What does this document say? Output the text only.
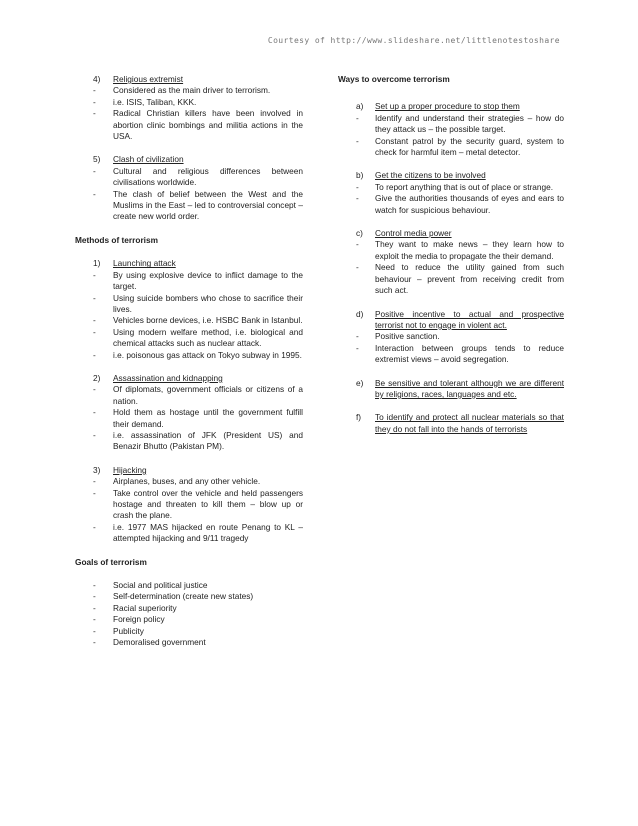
Courtesy of http://www.slideshare.net/littlenotestoshare
4)	Religious extremist
-	Considered as the main driver to terrorism.
-	i.e. ISIS, Taliban, KKK.
-	Radical Christian killers have been involved in abortion clinic bombings and militia actions in the USA.
5)	Clash of civilization
-	Cultural and religious differences between civilisations worldwide.
-	The clash of belief between the West and the Muslims in the East – led to controversial concept – create new world order.
Methods of terrorism
1)	Launching attack
-	By using explosive device to inflict damage to the target.
-	Using suicide bombers who chose to sacrifice their lives.
-	Vehicles borne devices, i.e. HSBC Bank in Istanbul.
-	Using modern welfare method, i.e. biological and chemical attacks such as nuclear attack.
-	i.e. poisonous gas attack on Tokyo subway in 1995.
2)	Assassination and kidnapping
-	Of diplomats, government officials or citizens of a nation.
-	Hold them as hostage until the government fulfill their demand.
-	i.e. assassination of JFK (President US) and Benazir Bhutto (Pakistan PM).
3)	Hijacking
-	Airplanes, buses, and any other vehicle.
-	Take control over the vehicle and held passengers hostage and threaten to kill them – blow up or crash the plane.
-	i.e. 1977 MAS hijacked en route Penang to KL – attempted hijacking and 9/11 tragedy
Goals of terrorism
-	Social and political justice
-	Self-determination (create new states)
-	Racial superiority
-	Foreign policy
-	Publicity
-	Demoralised government
Ways to overcome terrorism
a)	Set up a proper procedure to stop them
-	Identify and understand their strategies – how do they attack us – the possible target.
-	Constant patrol by the security guard, system to check for harmful item – metal detector.
b)	Get the citizens to be involved
-	To report anything that is out of place or strange.
-	Give the authorities thousands of eyes and ears to watch for suspicious behaviour.
c)	Control media power
-	They want to make news – they learn how to exploit the media to propagate the their demand.
-	Need to reduce the utility gained from such behaviour – prevent from receiving credit from such act.
d)	Positive incentive to actual and prospective terrorist not to engage in violent act.
-	Positive sanction.
-	Interaction between groups tends to reduce extremist views – avoid segregation.
e)	Be sensitive and tolerant although we are different by religions, races, languages and etc.
f)	To identify and protect all nuclear materials so that they do not fall into the hands of terrorists
